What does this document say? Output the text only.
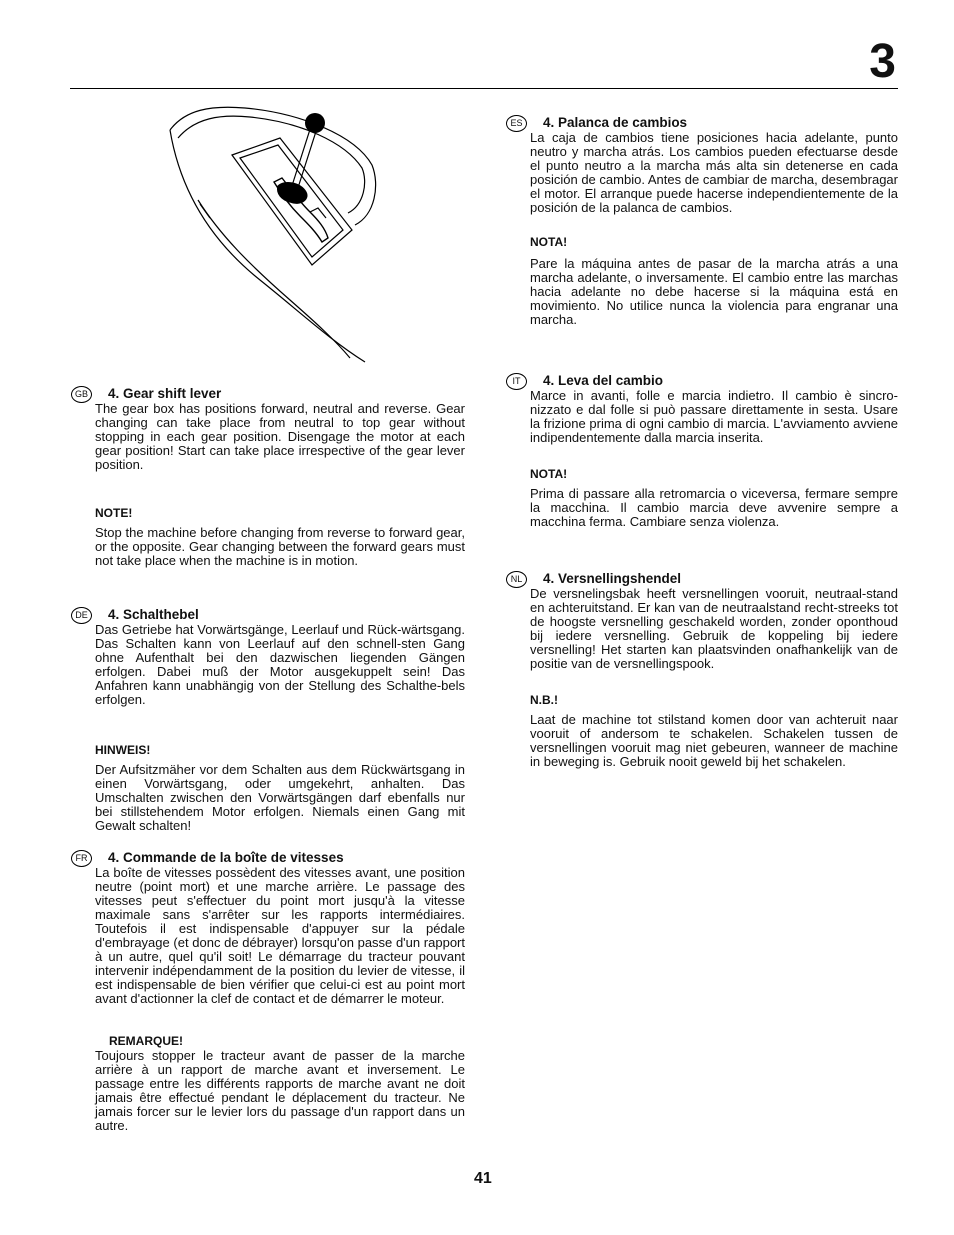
3
GB	4. Gear shift lever

The gear box has positions forward, neutral and reverse. Gear changing can take place from neutral to top gear without stopping in each gear position. Disengage the motor at each gear position! Start can take place irrespective of the gear lever position.

NOTE!

Stop the machine before changing from reverse to forward gear, or the opposite. Gear changing between the forward gears must not take place when the machine is in motion.

DE	4. Schalthebel

Das Getriebe hat Vorwärtsgänge, Leerlauf und Rück-wärtsgang. Das Schalten kann von Leerlauf auf den schnell-sten Gang ohne Aufenthalt bei den dazwischen liegenden Gängen erfolgen. Dabei muß der Motor ausgekuppelt sein! Das Anfahren kann unabhängig von der Stellung des Schalthe-bels erfolgen.

HINWEIS!

Der Aufsitzmäher vor dem Schalten aus dem Rückwärtsgang in einen Vorwärtsgang, oder umgekehrt, anhalten. Das Umschalten zwischen den Vorwärtsgängen darf ebenfalls nur bei stillstehendem Motor erfolgen. Niemals einen Gang mit Gewalt schalten!

FR	4. Commande de la boîte de vitesses

La boîte de vitesses possèdent des vitesses avant, une position neutre (point mort) et une marche arrière. Le passage des vitesses peut s'effectuer du point mort jusqu'à la vitesse maximale sans s'arrêter sur les rapports intermédiaires. Toutefois il est indispensable d'appuyer sur la pédale d'embrayage (et donc de débrayer) lorsqu'on passe d'un rapport à un autre, quel qu'il soit! Le démarrage du tracteur pouvant intervenir indépendamment de la position du levier de vitesse, il est indispensable de bien vérifier que celui-ci est au point mort avant d'actionner la clef de contact et de démarrer le moteur.

REMARQUE!

Toujours stopper le tracteur avant de passer de la marche arrière à un rapport de marche avant et inversement. Le passage entre les différents rapports de marche avant ne doit jamais être effectué pendant le déplacement du tracteur. Ne jamais forcer sur le levier lors du passage d'un rapport dans un autre.

ES	4. Palanca de cambios

La caja de cambios tiene posiciones hacia adelante, punto neutro y marcha atrás. Los cambios pueden efectuarse desde el punto neutro a la marcha más alta sin detenerse en cada posición de cambio. Antes de cambiar de marcha, desembragar el motor. El arranque puede hacerse independientemente de la posición de la palanca de cambios.

NOTA!

Pare la máquina antes de pasar de la marcha atrás a una marcha adelante, o inversamente. El cambio entre las marchas hacia adelante no debe hacerse si la máquina está en movimiento. No utilice nunca la violencia para engranar una marcha.

IT	4. Leva del cambio

Marce in avanti, folle e marcia indietro. Il cambio è sincro-nizzato e dal folle si può passare direttamente in sesta. Usare la frizione prima di ogni cambio di marcia. L'avviamento avviene indipendentemente dalla marcia inserita.

NOTA!

Prima di passare alla retromarcia o viceversa, fermare sempre la macchina. Il cambio marcia deve avvenire sempre a macchina ferma. Cambiare senza violenza.

NL	4. Versnellingshendel

De versnelingsbak heeft versnellingen vooruit, neutraal-stand en achteruitstand. Er kan van de neutraalstand recht-streeks tot de hoogste versnelling geschakeld worden, zonder oponthoud bij iedere versnelling. Gebruik de koppeling bij iedere versnelling! Het starten kan plaatsvinden onafhankelijk van de positie van de versnellingspook.

N.B.!

Laat de machine tot stilstand komen door van achteruit naar vooruit of andersom te schakelen. Schakelen tussen de versnellingen vooruit mag niet gebeuren, wanneer de machine in beweging is. Gebruik nooit geweld bij het schakelen.

41
